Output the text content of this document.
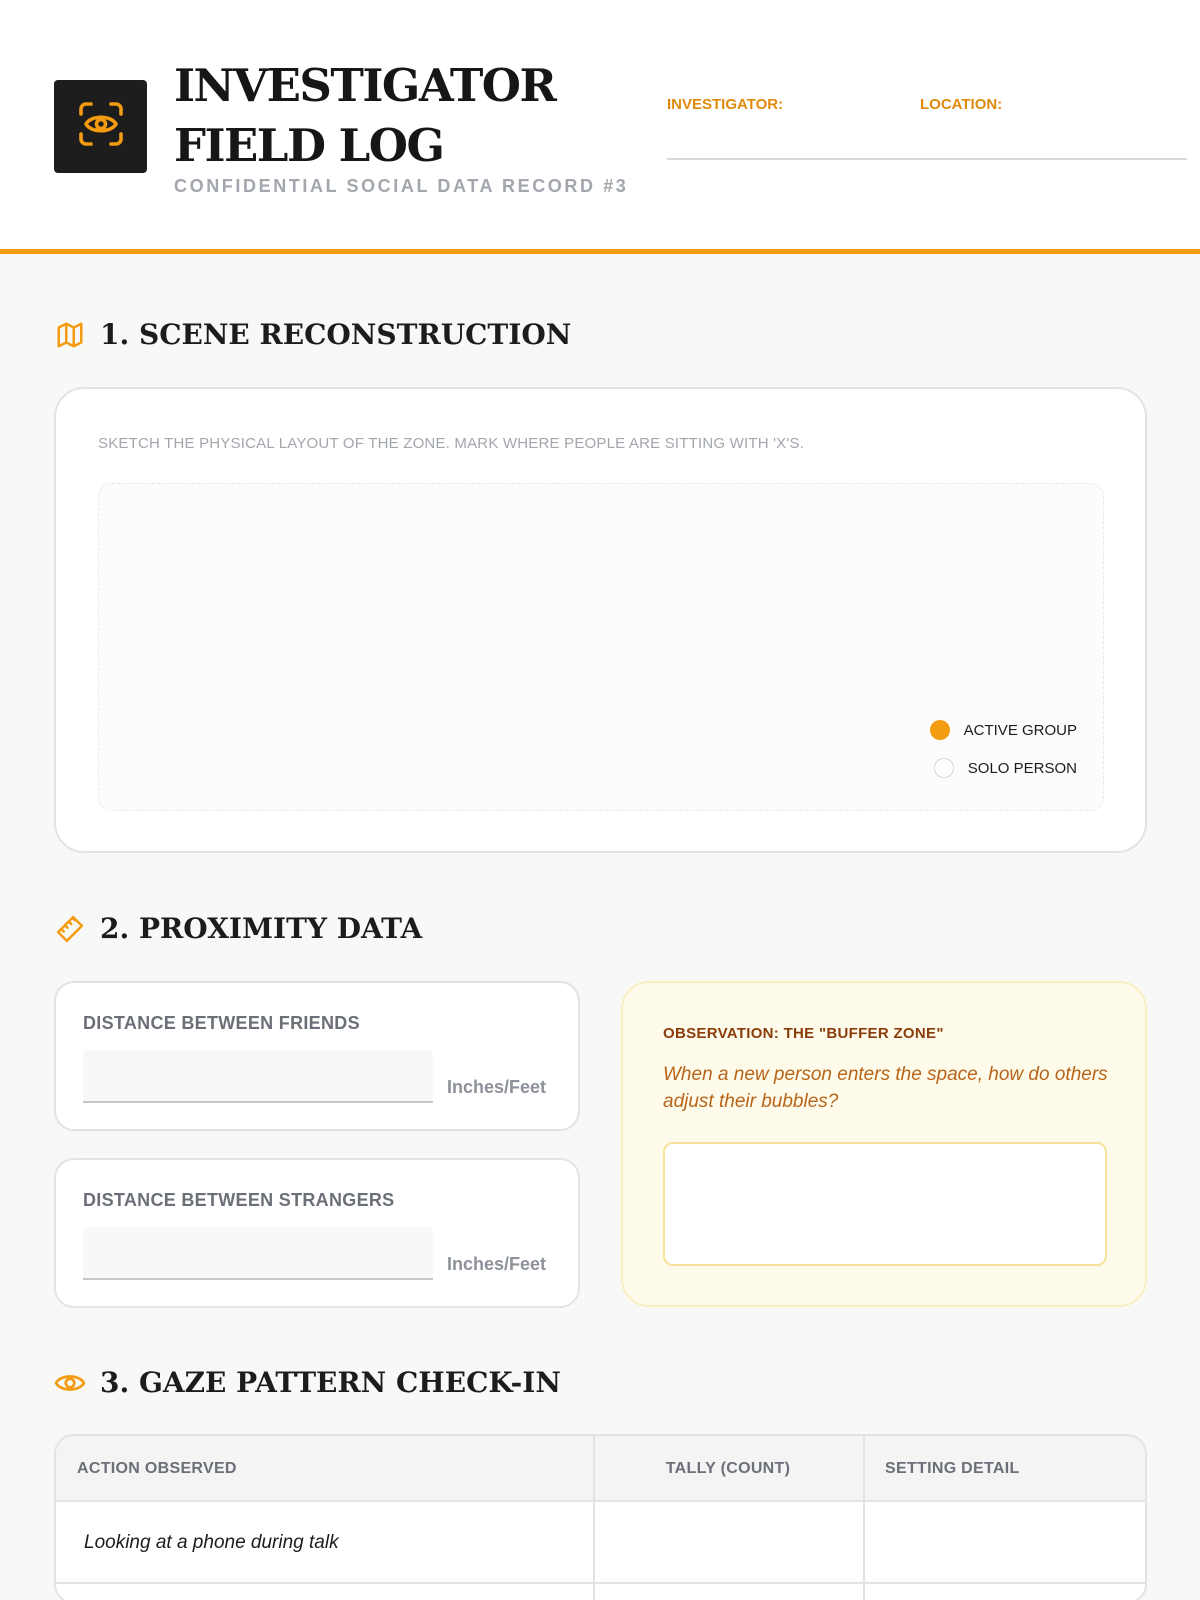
INVESTIGATOR
FIELD LOG
CONFIDENTIAL SOCIAL DATA RECORD #3
INVESTIGATOR:	LOCATION:
1. SCENE RECONSTRUCTION
SKETCH THE PHYSICAL LAYOUT OF THE ZONE. MARK WHERE PEOPLE ARE SITTING WITH 'X'S.
ACTIVE GROUP
SOLO PERSON
2. PROXIMITY DATA
DISTANCE BETWEEN FRIENDS
Inches/Feet
DISTANCE BETWEEN STRANGERS
Inches/Feet
OBSERVATION: THE "BUFFER ZONE"
When a new person enters the space, how do others adjust their bubbles?
3. GAZE PATTERN CHECK-IN
ACTION OBSERVED	TALLY (COUNT)	SETTING DETAIL
Looking at a phone during talk
